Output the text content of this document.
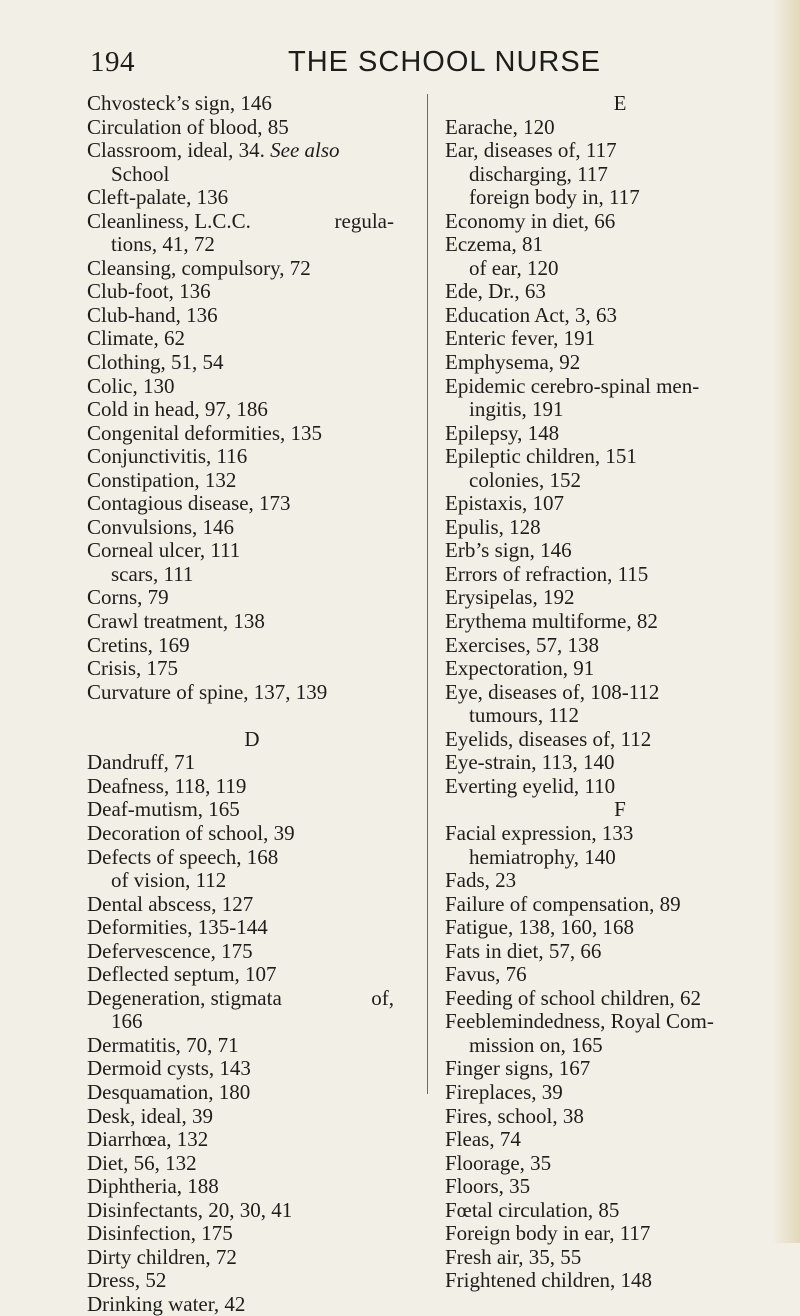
194	THE SCHOOL NURSE
Chvosteck’s sign, 146
Circulation of blood, 85
Classroom, ideal, 34. See also
School
Cleft-palate, 136
Cleanliness, L.C.C.	regula-
tions, 41, 72
Cleansing, compulsory, 72
Club-foot, 136
Club-hand, 136
Climate, 62
Clothing, 51, 54
Colic, 130
Cold in head, 97, 186
Congenital deformities, 135
Conjunctivitis, 116
Constipation, 132
Contagious disease, 173
Convulsions, 146
Corneal ulcer, 111
scars, 111
Corns, 79
Crawl treatment, 138
Cretins, 169
Crisis, 175
Curvature of spine, 137, 139
D
Dandruff, 71
Deafness, 118, 119
Deaf-mutism, 165
Decoration of school, 39
Defects of speech, 168
of vision, 112
Dental abscess, 127
Deformities, 135-144
Defervescence, 175
Deflected septum, 107
Degeneration, stigmata	of,
166
Dermatitis, 70, 71
Dermoid cysts, 143
Desquamation, 180
Desk, ideal, 39
Diarrhœa, 132
Diet, 56, 132
Diphtheria, 188
Disinfectants, 20, 30, 41
Disinfection, 175
Dirty children, 72
Dress, 52
Drinking water, 42
E
Earache, 120
Ear, diseases of, 117
discharging, 117
foreign body in, 117
Economy in diet, 66
Eczema, 81
of ear, 120
Ede, Dr., 63
Education Act, 3, 63
Enteric fever, 191
Emphysema, 92
Epidemic cerebro-spinal men-
ingitis, 191
Epilepsy, 148
Epileptic children, 151
colonies, 152
Epistaxis, 107
Epulis, 128
Erb’s sign, 146
Errors of refraction, 115
Erysipelas, 192
Erythema multiforme, 82
Exercises, 57, 138
Expectoration, 91
Eye, diseases of, 108-112
tumours, 112
Eyelids, diseases of, 112
Eye-strain, 113, 140
Everting eyelid, 110
F
Facial expression, 133
hemiatrophy, 140
Fads, 23
Failure of compensation, 89
Fatigue, 138, 160, 168
Fats in diet, 57, 66
Favus, 76
Feeding of school children, 62
Feeblemindedness, Royal Com-
mission on, 165
Finger signs, 167
Fireplaces, 39
Fires, school, 38
Fleas, 74
Floorage, 35
Floors, 35
Fœtal circulation, 85
Foreign body in ear, 117
Fresh air, 35, 55
Frightened children, 148
